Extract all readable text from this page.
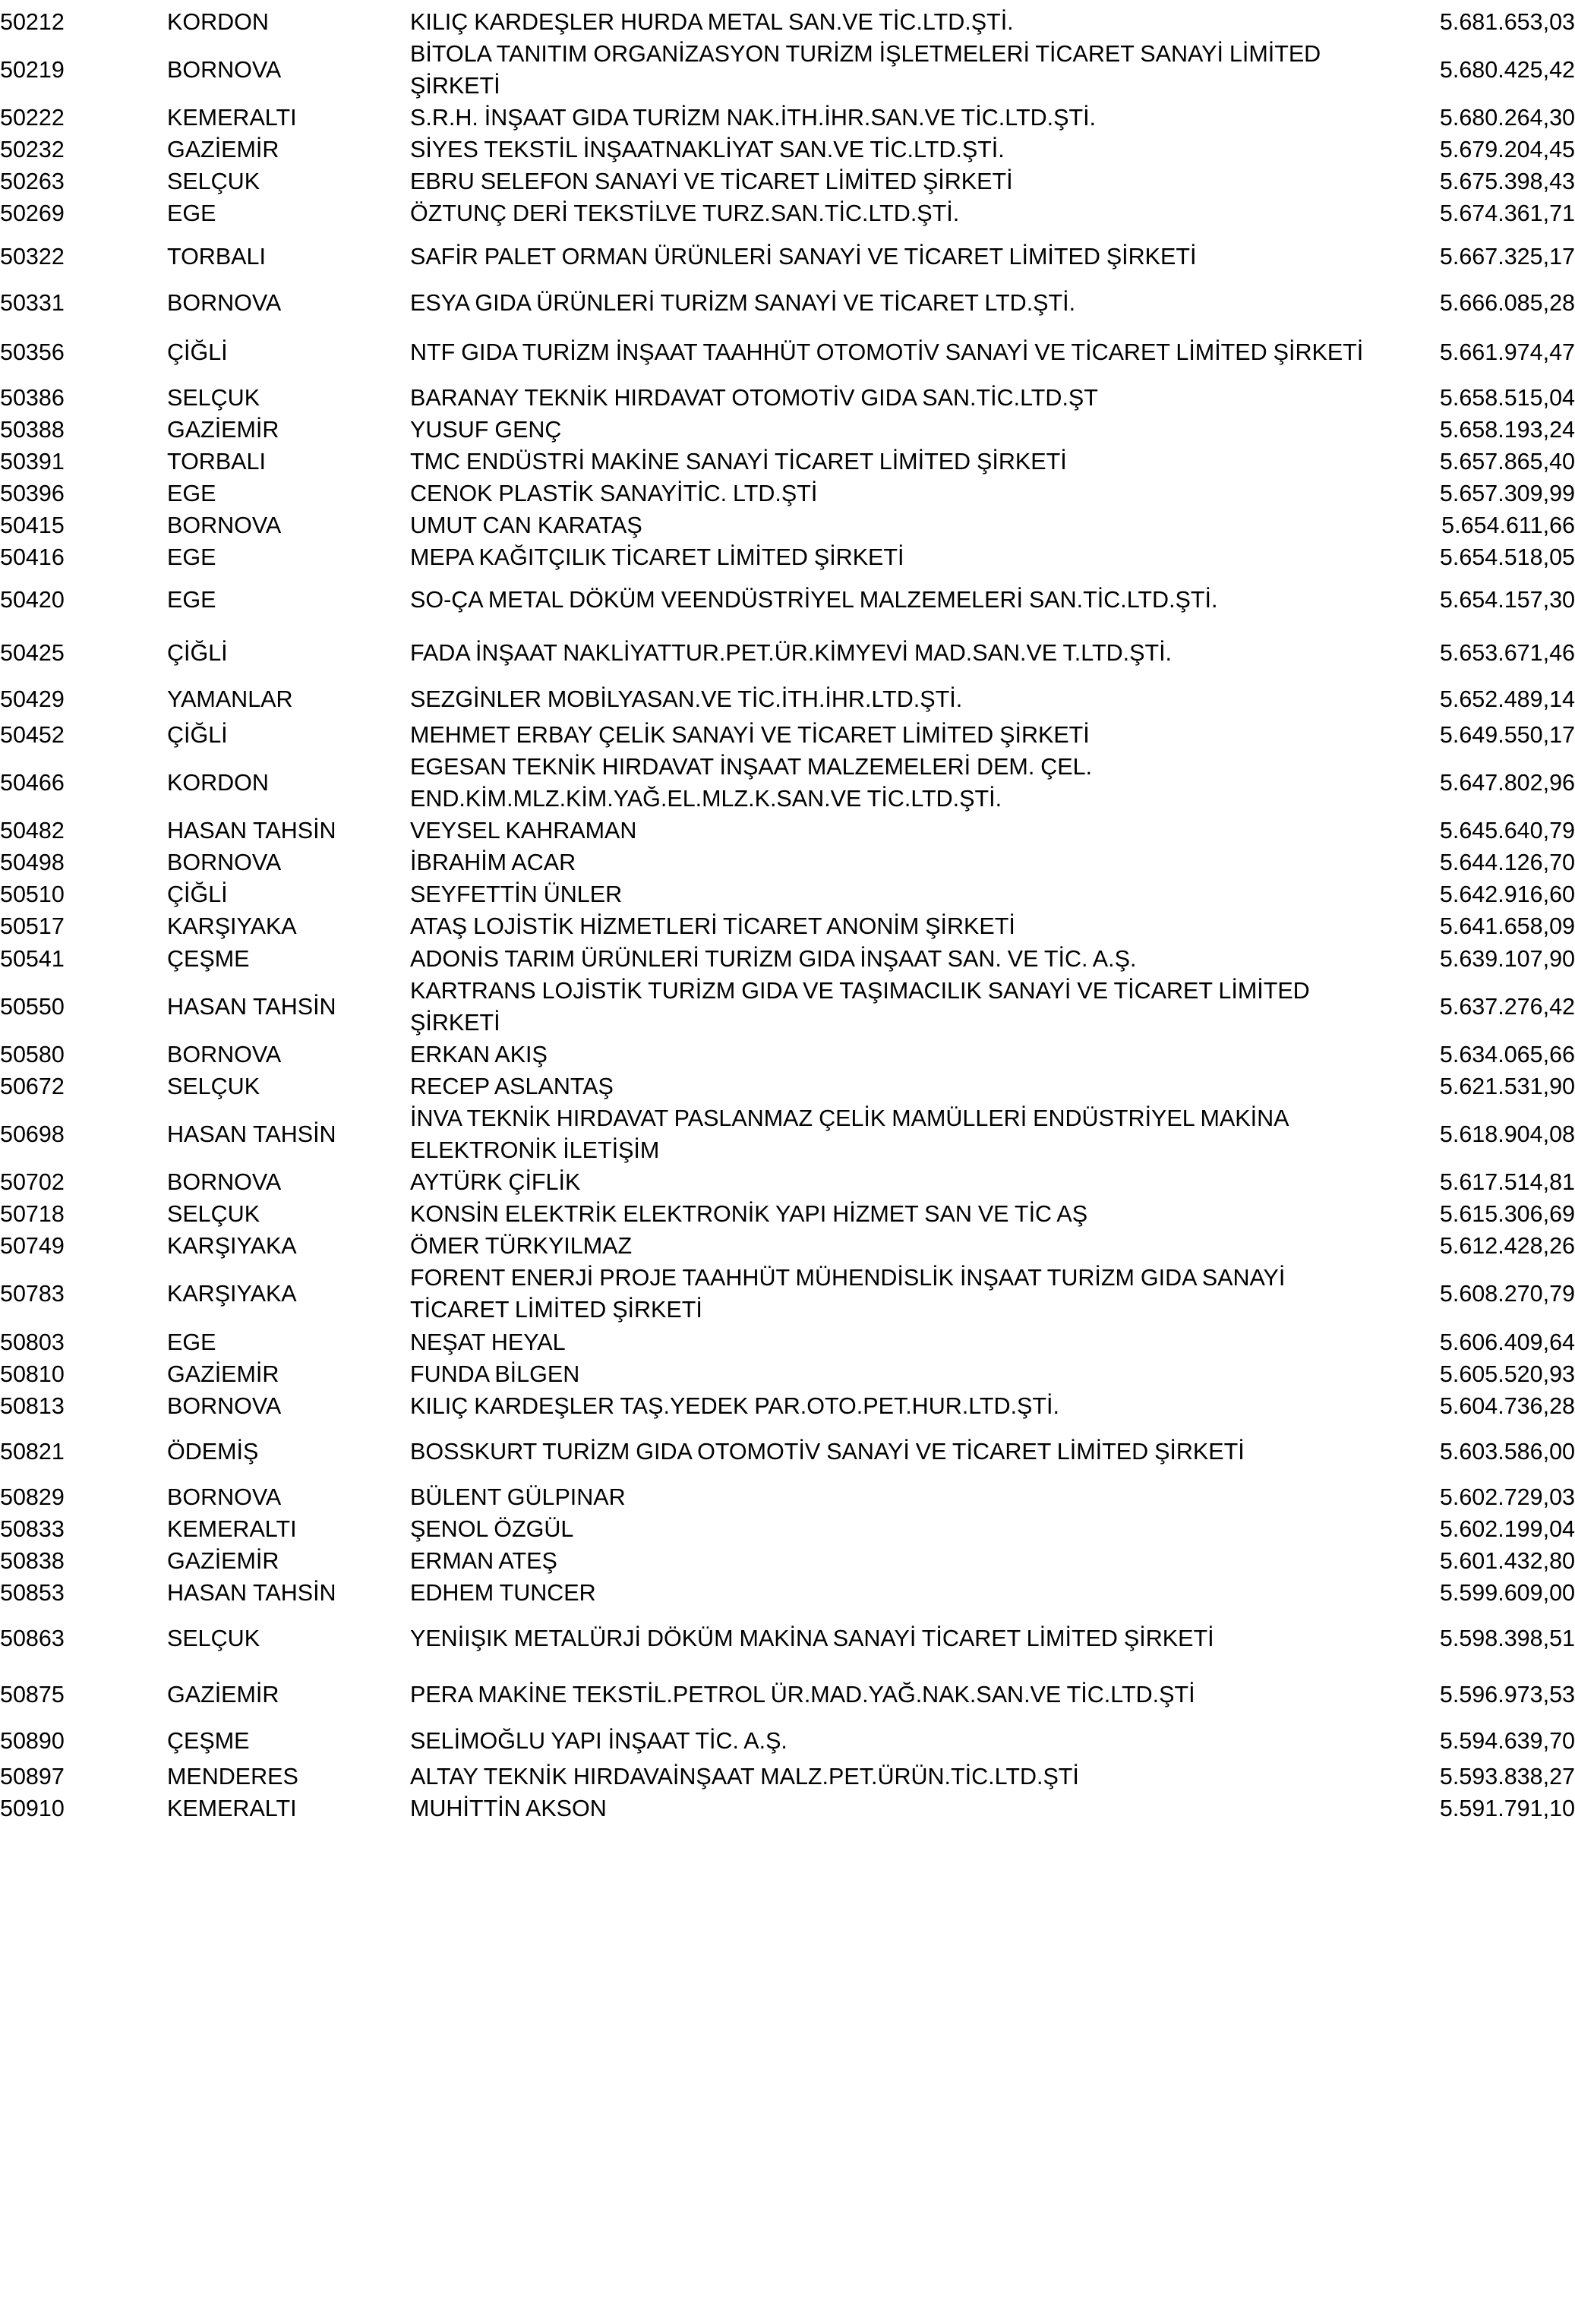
50212		KORDON	KILIÇ KARDEŞLER HURDA METAL SAN.VE TİC.LTD.ŞTİ.	5.681.653,03
50219		BORNOVA	BİTOLA TANITIM ORGANİZASYON TURİZM İŞLETMELERİ TİCARET SANAYİ LİMİTED ŞİRKETİ	5.680.425,42
50222		KEMERALTI	S.R.H. İNŞAAT GIDA TURİZM NAK.İTH.İHR.SAN.VE TİC.LTD.ŞTİ.	5.680.264,30
50232		GAZİEMİR	SİYES TEKSTİL İNŞAATNAKLİYAT SAN.VE TİC.LTD.ŞTİ.	5.679.204,45
50263		SELÇUK	EBRU SELEFON SANAYİ VE TİCARET LİMİTED ŞİRKETİ	5.675.398,43
50269		EGE	ÖZTUNÇ DERİ TEKSTİLVE TURZ.SAN.TİC.LTD.ŞTİ.	5.674.361,71
50322		TORBALI	SAFİR PALET ORMAN ÜRÜNLERİ SANAYİ VE TİCARET LİMİTED ŞİRKETİ	5.667.325,17
50331		BORNOVA	ESYA GIDA ÜRÜNLERİ TURİZM SANAYİ VE TİCARET LTD.ŞTİ.	5.666.085,28
50356		ÇİĞLİ	NTF GIDA TURİZM İNŞAAT TAAHHÜT OTOMOTİV SANAYİ VE TİCARET LİMİTED ŞİRKETİ	5.661.974,47
50386		SELÇUK	BARANAY TEKNİK HIRDAVAT OTOMOTİV GIDA SAN.TİC.LTD.ŞT	5.658.515,04
50388		GAZİEMİR	YUSUF GENÇ	5.658.193,24
50391		TORBALI	TMC ENDÜSTRİ MAKİNE SANAYİ TİCARET LİMİTED ŞİRKETİ	5.657.865,40
50396		EGE	CENOK PLASTİK SANAYİTİC. LTD.ŞTİ	5.657.309,99
50415		BORNOVA	UMUT CAN KARATAŞ	5.654.611,66
50416		EGE	MEPA KAĞITÇILIK TİCARET LİMİTED ŞİRKETİ	5.654.518,05
50420		EGE	SO-ÇA METAL DÖKÜM VEENDÜSTRİYEL MALZEMELERİ SAN.TİC.LTD.ŞTİ.	5.654.157,30
50425		ÇİĞLİ	FADA İNŞAAT NAKLİYATTUR.PET.ÜR.KİMYEVİ MAD.SAN.VE T.LTD.ŞTİ.	5.653.671,46
50429		YAMANLAR	SEZGİNLER MOBİLYASAN.VE TİC.İTH.İHR.LTD.ŞTİ.	5.652.489,14
50452		ÇİĞLİ	MEHMET ERBAY ÇELİK SANAYİ VE TİCARET LİMİTED ŞİRKETİ	5.649.550,17
50466		KORDON	EGESAN TEKNİK HIRDAVAT İNŞAAT MALZEMELERİ DEM. ÇEL. END.KİM.MLZ.KİM.YAĞ.EL.MLZ.K.SAN.VE TİC.LTD.ŞTİ.	5.647.802,96
50482		HASAN TAHSİN	VEYSEL KAHRAMAN	5.645.640,79
50498		BORNOVA	İBRAHİM ACAR	5.644.126,70
50510		ÇİĞLİ	SEYFETTİN ÜNLER	5.642.916,60
50517		KARŞIYAKA	ATAŞ LOJİSTİK HİZMETLERİ TİCARET ANONİM ŞİRKETİ	5.641.658,09
50541		ÇEŞME	ADONİS TARIM ÜRÜNLERİ TURİZM GIDA İNŞAAT SAN. VE TİC. A.Ş.	5.639.107,90
50550		HASAN TAHSİN	KARTRANS LOJİSTİK TURİZM GIDA VE TAŞIMACILIK SANAYİ VE TİCARET LİMİTED ŞİRKETİ	5.637.276,42
50580		BORNOVA	ERKAN AKIŞ	5.634.065,66
50672		SELÇUK	RECEP ASLANTAŞ	5.621.531,90
50698		HASAN TAHSİN	İNVA TEKNİK HIRDAVAT PASLANMAZ ÇELİK MAMÜLLERİ ENDÜSTRİYEL MAKİNA ELEKTRONİK İLETİŞİM	5.618.904,08
50702		BORNOVA	AYTÜRK ÇİFLİK	5.617.514,81
50718		SELÇUK	KONSİN ELEKTRİK ELEKTRONİK YAPI HİZMET SAN VE TİC AŞ	5.615.306,69
50749		KARŞIYAKA	ÖMER TÜRKYILMAZ	5.612.428,26
50783		KARŞIYAKA	FORENT ENERJİ PROJE TAAHHÜT MÜHENDİSLİK İNŞAAT TURİZM GIDA SANAYİ TİCARET LİMİTED ŞİRKETİ	5.608.270,79
50803		EGE	NEŞAT HEYAL	5.606.409,64
50810		GAZİEMİR	FUNDA BİLGEN	5.605.520,93
50813		BORNOVA	KILIÇ KARDEŞLER TAŞ.YEDEK PAR.OTO.PET.HUR.LTD.ŞTİ.	5.604.736,28
50821		ÖDEMİŞ	BOSSKURT TURİZM GIDA OTOMOTİV SANAYİ VE TİCARET LİMİTED ŞİRKETİ	5.603.586,00
50829		BORNOVA	BÜLENT GÜLPINAR	5.602.729,03
50833		KEMERALTI	ŞENOL ÖZGÜL	5.602.199,04
50838		GAZİEMİR	ERMAN ATEŞ	5.601.432,80
50853		HASAN TAHSİN	EDHEM TUNCER	5.599.609,00
50863		SELÇUK	YENİIŞIK METALÜRJİ DÖKÜM MAKİNA SANAYİ TİCARET LİMİTED ŞİRKETİ	5.598.398,51
50875		GAZİEMİR	PERA MAKİNE TEKSTİL.PETROL ÜR.MAD.YAĞ.NAK.SAN.VE TİC.LTD.ŞTİ	5.596.973,53
50890		ÇEŞME	SELİMOĞLU YAPI İNŞAAT TİC. A.Ş.	5.594.639,70
50897		MENDERES	ALTAY TEKNİK HIRDAVAİNŞAAT MALZ.PET.ÜRÜN.TİC.LTD.ŞTİ	5.593.838,27
50910		KEMERALTI	MUHİTTİN AKSON	5.591.791,10
